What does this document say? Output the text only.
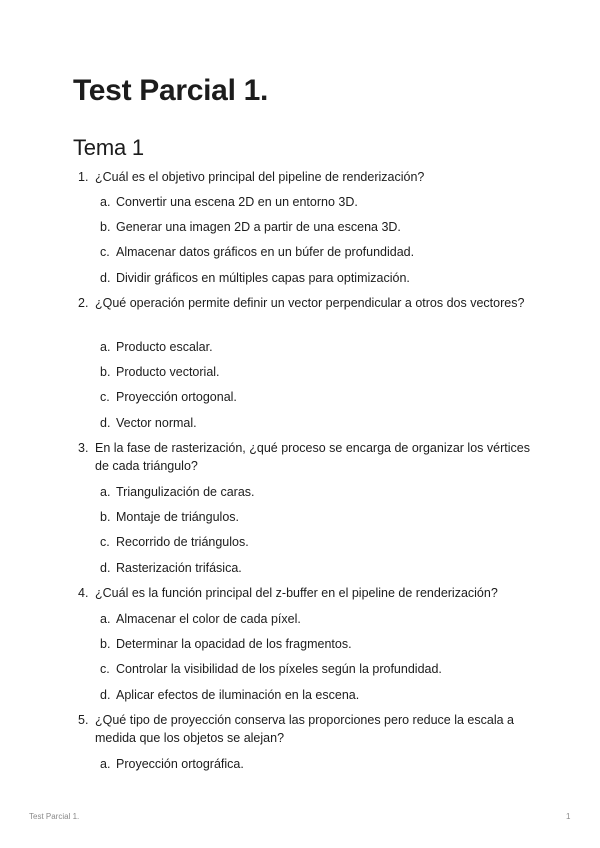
Test Parcial 1.
Tema 1
1. ¿Cuál es el objetivo principal del pipeline de renderización?
a. Convertir una escena 2D en un entorno 3D.
b. Generar una imagen 2D a partir de una escena 3D.
c. Almacenar datos gráficos en un búfer de profundidad.
d. Dividir gráficos en múltiples capas para optimización.
2. ¿Qué operación permite definir un vector perpendicular a otros dos vectores?
a. Producto escalar.
b. Producto vectorial.
c. Proyección ortogonal.
d. Vector normal.
3. En la fase de rasterización, ¿qué proceso se encarga de organizar los vértices de cada triángulo?
a. Triangulización de caras.
b. Montaje de triángulos.
c. Recorrido de triángulos.
d. Rasterización trifásica.
4. ¿Cuál es la función principal del z-buffer en el pipeline de renderización?
a. Almacenar el color de cada píxel.
b. Determinar la opacidad de los fragmentos.
c. Controlar la visibilidad de los píxeles según la profundidad.
d. Aplicar efectos de iluminación en la escena.
5. ¿Qué tipo de proyección conserva las proporciones pero reduce la escala a medida que los objetos se alejan?
a. Proyección ortográfica.
Test Parcial 1.	1
